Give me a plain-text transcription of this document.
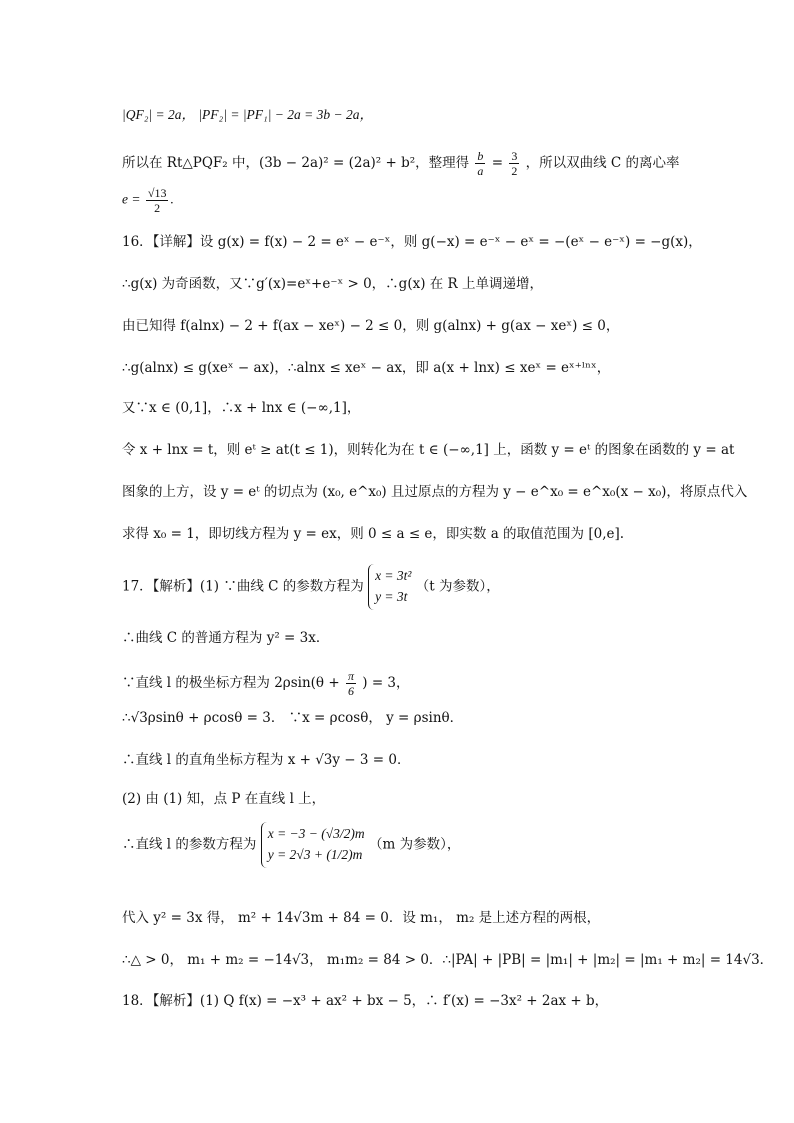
|QF₂| = 2a， |PF₂| = |PF₁| − 2a = 3b − 2a，
所以在 Rt△PQF₂ 中，(3b − 2a)² = (2a)² + b²，整理得 $\frac{b}{a} = \frac{3}{2}$ ，所以双曲线 C 的离心率
$e = \frac{√13}{2}$ .
16．【详解】设 g(x) = f(x) − 2 = eˣ − e⁻ˣ，则 g(−x) = e⁻ˣ − eˣ = −(eˣ − e⁻ˣ) = −g(x)，
∴g(x) 为奇函数，又∵g′(x)=eˣ+e⁻ˣ > 0，∴g(x) 在 R 上单调递增，
由已知得 f(alnx) − 2 + f(ax − xeˣ) − 2 ≤ 0，则 g(alnx) + g(ax − xeˣ) ≤ 0，
∴g(alnx) ≤ g(xeˣ − ax)，∴alnx ≤ xeˣ − ax，即 a(x + lnx) ≤ xeˣ = eˣ⁺ˡⁿˣ，
又∵x ∈ (0,1]，∴x + lnx ∈ (−∞,1]，
令 x + lnx = t，则 eᵗ ≥ at(t ≤ 1)，则转化为在 t ∈ (−∞,1] 上，函数 y = eᵗ 的图象在函数的 y = at
图象的上方，设 y = eᵗ 的切点为 (x₀, e^x₀) 且过原点的方程为 y − e^x₀ = e^x₀(x − x₀)，将原点代入
求得 x₀ = 1，即切线方程为 y = ex，则 0 ≤ a ≤ e，即实数 a 的取值范围为 [0,e].
17．【解析】(1) ∵曲线 C 的参数方程为
x = 3t²
y = 3t
（t 为参数），
∴曲线 C 的普通方程为 y² = 3x．
∵直线 l 的极坐标方程为 $2\rho\sin(\theta + \frac{\pi}{6}$ ) = 3，
∴√3ρsinθ + ρcosθ = 3． ∵x = ρcosθ， y = ρsinθ．
∴直线 l 的直角坐标方程为 x + √3y − 3 = 0．
(2) 由 (1) 知，点 P 在直线 l 上，
∴直线 l 的参数方程为
x = −3 − (√3/2)m
y = 2√3 + (1/2)m
（m 为参数），
代入 y² = 3x 得， m² + 14√3m + 84 = 0．设 m₁， m₂ 是上述方程的两根，
∴△ > 0， m₁ + m₂ = −14√3， m₁m₂ = 84 > 0．∴|PA| + |PB| = |m₁| + |m₂| = |m₁ + m₂| = 14√3．
18．【解析】(1) Q f(x) = −x³ + ax² + bx − 5，∴ f′(x) = −3x² + 2ax + b，
